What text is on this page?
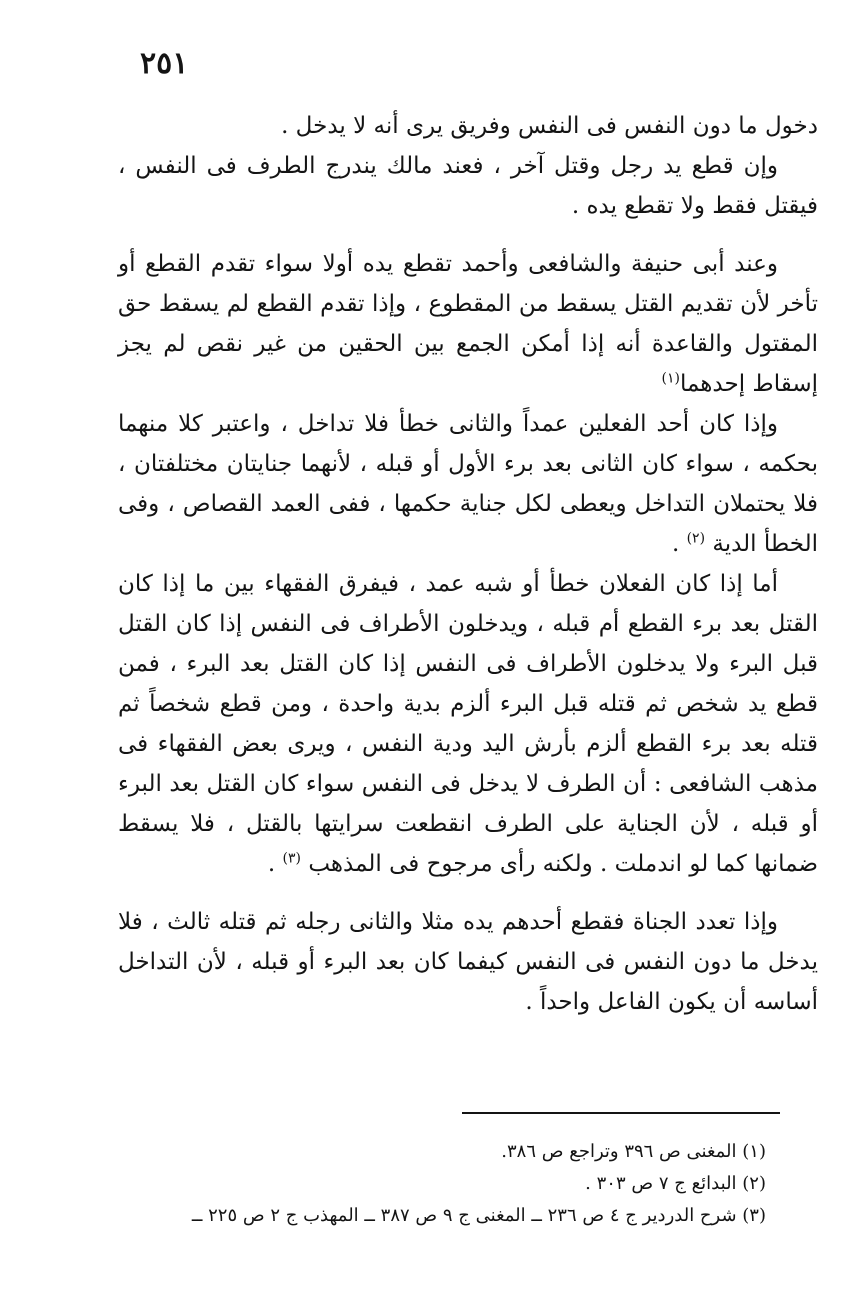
٢٥١

دخول ما دون النفس فى النفس وفريق يرى أنه لا يدخل .

وإن قطع يد رجل وقتل آخر ، فعند مالك يندرج الطرف فى النفس ، فيقتل فقط ولا تقطع يده .

وعند أبى حنيفة والشافعى وأحمد تقطع يده أولا سواء تقدم القطع أو تأخر لأن تقديم القتل يسقط من المقطوع ، وإذا تقدم القطع لم يسقط حق المقتول والقاعدة أنه إذا أمكن الجمع بين الحقين من غير نقص لم يجز إسقاط إحدهما$^{(١)}$

وإذا كان أحد الفعلين عمداً والثانى خطأ فلا تداخل ، واعتبر كلا منهما بحكمه ، سواء كان الثانى بعد برء الأول أو قبله ، لأنهما جنايتان مختلفتان ، فلا يحتملان التداخل ويعطى لكل جناية حكمها ، ففى العمد القصاص ، وفى الخطأ الدية $^{(٢)}$ .

أما إذا كان الفعلان خطأ أو شبه عمد ، فيفرق الفقهاء بين ما إذا كان القتل بعد برء القطع أم قبله ، ويدخلون الأطراف فى النفس إذا كان القتل قبل البرء ولا يدخلون الأطراف فى النفس إذا كان القتل بعد البرء ، فمن قطع يد شخص ثم قتله قبل البرء ألزم بدية واحدة ، ومن قطع شخصاً ثم قتله بعد برء القطع ألزم بأرش اليد ودية النفس ، ويرى بعض الفقهاء فى مذهب الشافعى : أن الطرف لا يدخل فى النفس سواء كان القتل بعد البرء أو قبله ، لأن الجناية على الطرف انقطعت سرايتها بالقتل ، فلا يسقط ضمانها كما لو اندملت . ولكنه رأى مرجوح فى المذهب $^{(٣)}$ .

وإذا تعدد الجناة فقطع أحدهم يده مثلا والثانى رجله ثم قتله ثالث ، فلا يدخل ما دون النفس فى النفس كيفما كان بعد البرء أو قبله ، لأن التداخل أساسه أن يكون الفاعل واحداً .

(١) المغنى ص ٣٩٦ وتراجع ص ٣٨٦.

(٢) البدائع ج ٧ ص ٣٠٣ .

(٣) شرح الدردير ج ٤ ص ٢٣٦ ــ المغنى ج ٩ ص ٣٨٧ ــ المهذب ج ٢ ص ٢٢٥ ــ
